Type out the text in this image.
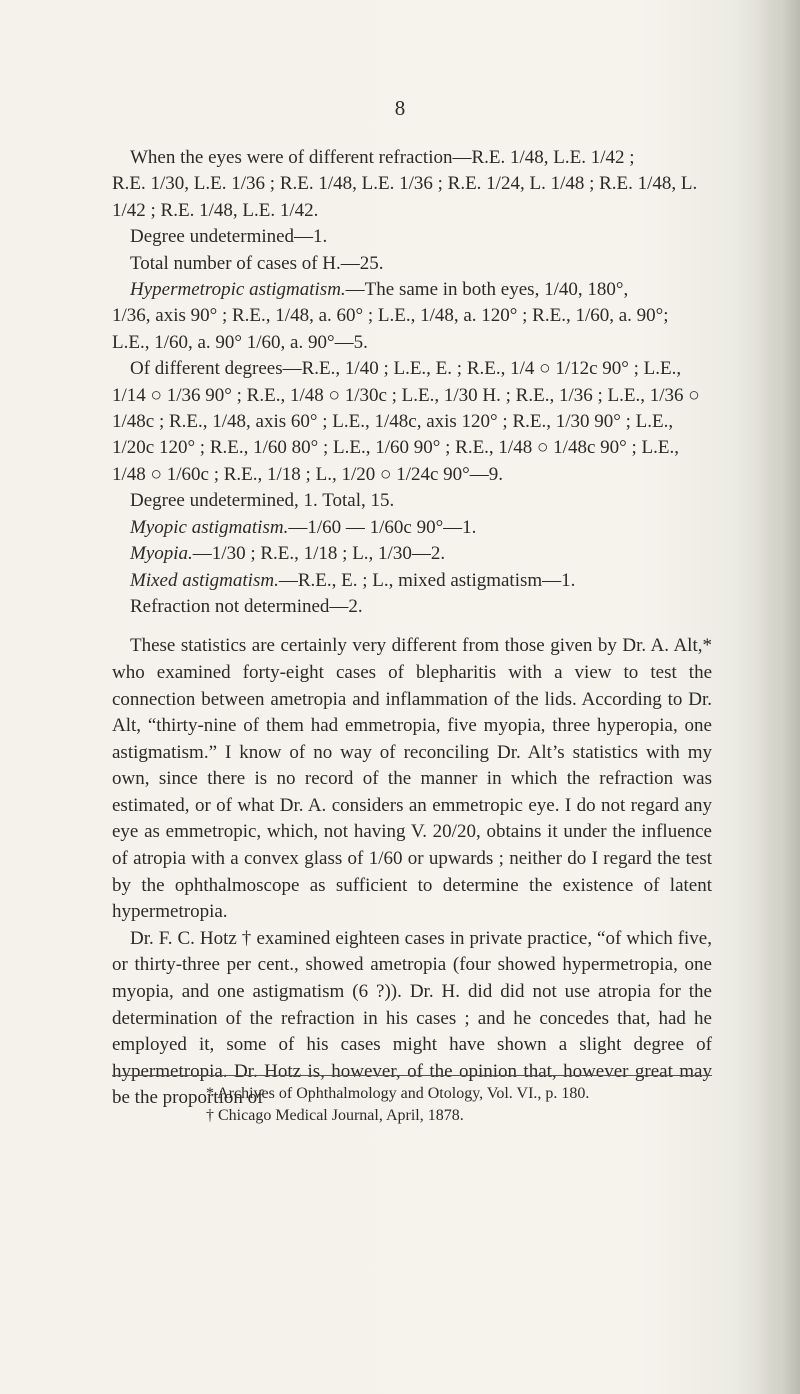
8

When the eyes were of different refraction—R.E. 1/48, L.E. 1/42 ;

R.E. 1/30, L.E. 1/36 ; R.E. 1/48, L.E. 1/36 ; R.E. 1/24, L. 1/48 ; R.E. 1/48, L.

1/42 ; R.E. 1/48, L.E. 1/42.

Degree undetermined—1.

Total number of cases of H.—25.

Hypermetropic astigmatism.—The same in both eyes, 1/40, 180°,

1/36, axis 90° ; R.E., 1/48, a. 60° ; L.E., 1/48, a. 120° ; R.E., 1/60, a. 90°;

L.E., 1/60, a. 90° 1/60, a. 90°—5.

Of different degrees—R.E., 1/40 ; L.E., E. ; R.E., 1/4 ○ 1/12c 90° ; L.E.,

1/14 ○ 1/36 90° ; R.E., 1/48 ○ 1/30c ; L.E., 1/30 H. ; R.E., 1/36 ; L.E., 1/36 ○

1/48c ; R.E., 1/48, axis 60° ; L.E., 1/48c, axis 120° ; R.E., 1/30 90° ; L.E.,

1/20c 120° ; R.E., 1/60 80° ; L.E., 1/60 90° ; R.E., 1/48 ○ 1/48c 90° ; L.E.,

1/48 ○ 1/60c ; R.E., 1/18 ; L., 1/20 ○ 1/24c 90°—9.

Degree undetermined, 1. Total, 15.

Myopic astigmatism.—1/60 — 1/60c 90°—1.

Myopia.—1/30 ; R.E., 1/18 ; L., 1/30—2.

Mixed astigmatism.—R.E., E. ; L., mixed astigmatism—1.

Refraction not determined—2.

These statistics are certainly very different from those given by Dr. A. Alt,* who examined forty-eight cases of blepharitis with a view to test the connection between ametropia and inflammation of the lids. According to Dr. Alt, “thirty-nine of them had emmetropia, five myopia, three hyperopia, one astigmatism.” I know of no way of reconciling Dr. Alt’s statistics with my own, since there is no record of the manner in which the refraction was estimated, or of what Dr. A. considers an emmetropic eye. I do not regard any eye as emmetropic, which, not having V. 20/20, obtains it under the influence of atropia with a convex glass of 1/60 or upwards ; neither do I regard the test by the ophthalmoscope as sufficient to determine the existence of latent hypermetropia.

Dr. F. C. Hotz † examined eighteen cases in private practice, “of which five, or thirty-three per cent., showed ametropia (four showed hypermetropia, one myopia, and one astigmatism (6 ?)). Dr. H. did did not use atropia for the determination of the refraction in his cases ; and he concedes that, had he employed it, some of his cases might have shown a slight degree of hypermetropia. Dr. Hotz is, however, of the opinion that, however great may be the proportion of

* Archives of Ophthalmology and Otology, Vol. VI., p. 180.

† Chicago Medical Journal, April, 1878.
